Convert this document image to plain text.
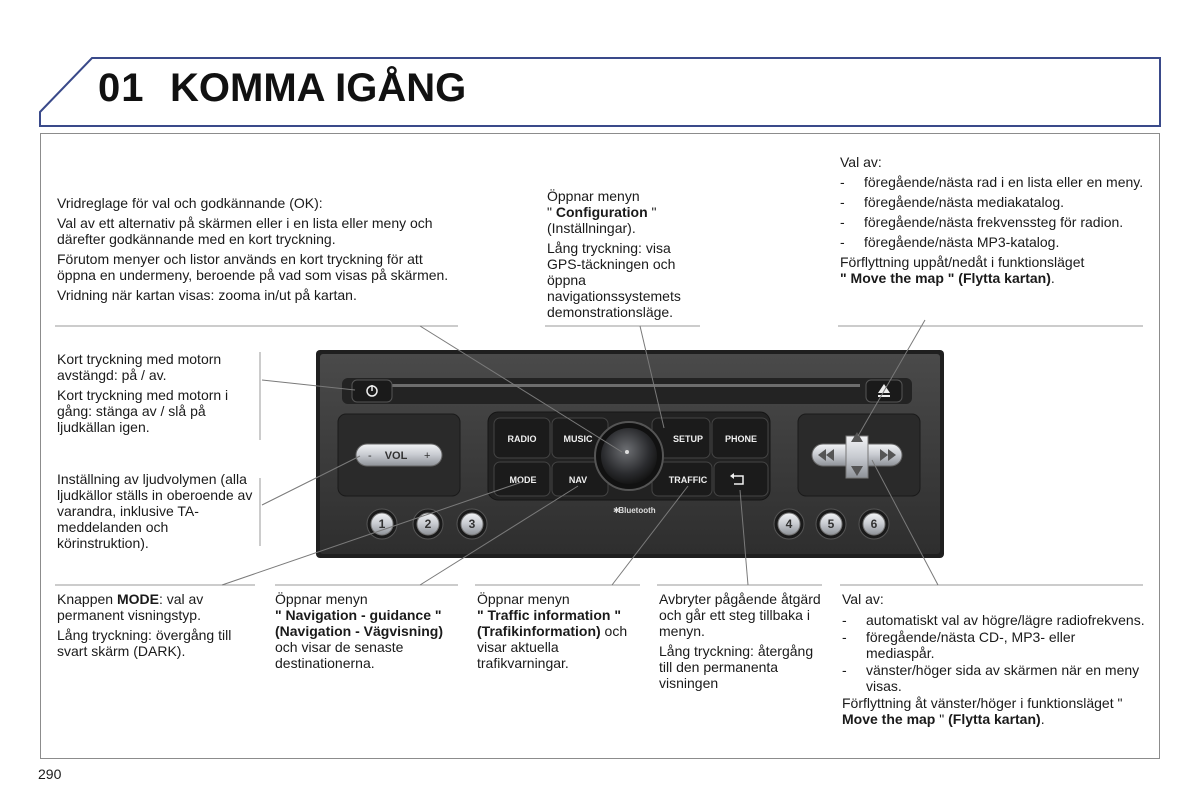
01 KOMMA IGÅNG
- VOL +
RADIO	MUSIC	SETUP PHONE
MODE	NAV	TRAFFIC
✱
Bluetooth
1	2	3	4	5	6

Vridreglage för val och godkännande (OK):

Val av ett alternativ på skärmen eller i en lista eller meny och därefter godkännande med en kort tryckning.

Förutom menyer och listor används en kort tryckning för att öppna en undermeny, beroende på vad som visas på skärmen.

Vridning när kartan visas: zooma in/ut på kartan.

Öppnar menyn

" Configuration "

(Inställningar).

Lång tryckning: visa GPS-täckningen och öppna navigationssystemets demonstrationsläge.

Val av:

-	föregående/nästa rad i en lista eller en meny.
-	föregående/nästa mediakatalog.
-	föregående/nästa frekvenssteg för radion.
-	föregående/nästa MP3-katalog.

Förflyttning uppåt/nedåt i funktionsläget
" Move the map " (Flytta kartan).

Kort tryckning med motorn avstängd: på / av.

Kort tryckning med motorn i gång: stänga av / slå på ljudkällan igen.

Inställning av ljudvolymen (alla ljudkällor ställs in oberoende av varandra, inklusive TA-meddelanden och körinstruktion).

Knappen MODE: val av permanent visningstyp.

Lång tryckning: övergång till svart skärm (DARK).

Öppnar menyn

" Navigation - guidance " (Navigation - Vägvisning) och visar de senaste destinationerna.

Öppnar menyn

" Traffic information " (Trafikinformation) och visar aktuella trafikvarningar.

Avbryter pågående åtgärd och går ett steg tillbaka i menyn.

Lång tryckning: återgång till den permanenta visningen

Val av:

-	automatiskt val av högre/lägre radiofrekvens.
-	föregående/nästa CD-, MP3- eller mediaspår.
-	vänster/höger sida av skärmen när en meny visas.

Förflyttning åt vänster/höger i funktionsläget " Move the map " (Flytta kartan).

290
